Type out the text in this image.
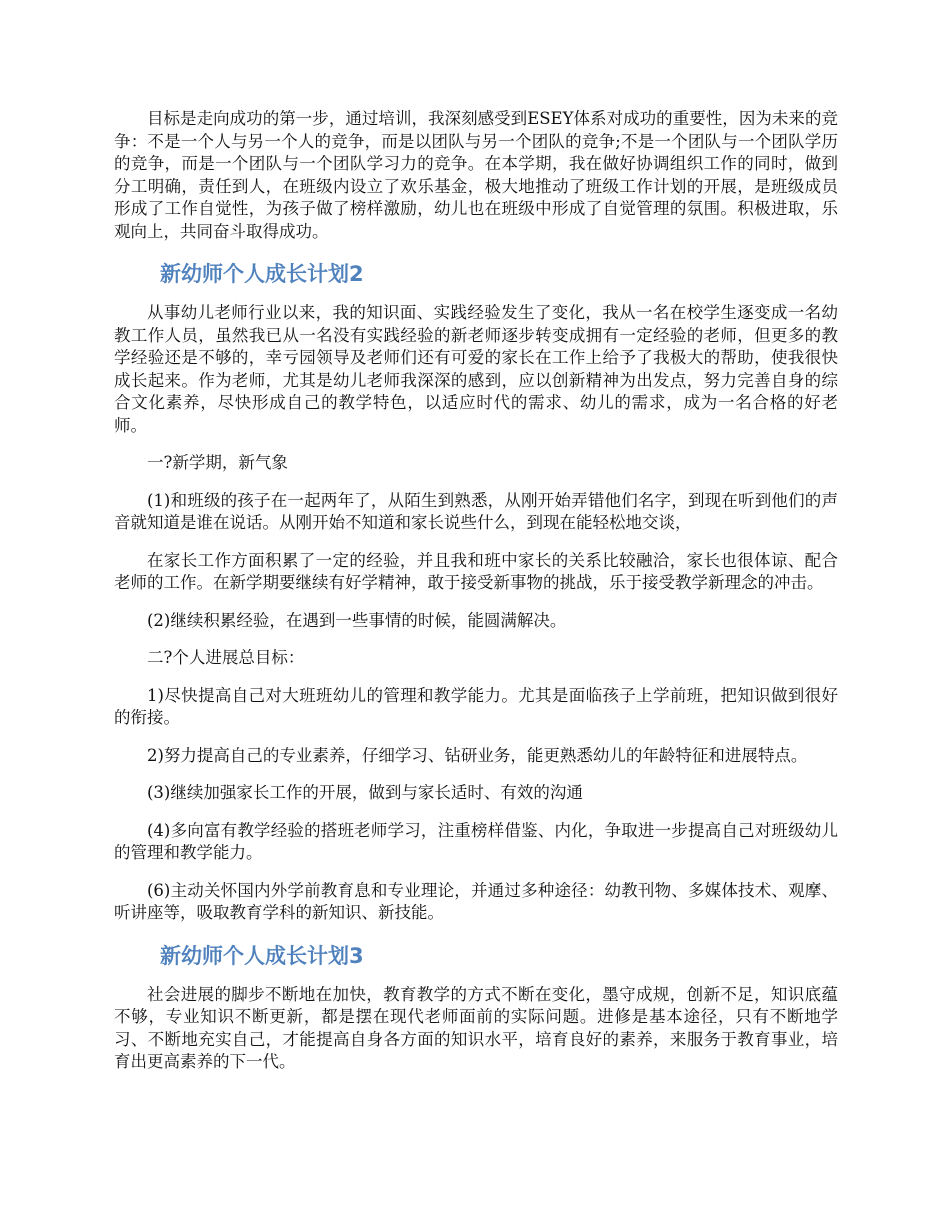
目标是走向成功的第一步，通过培训，我深刻感受到ESEY体系对成功的重要性，因为未来的竞争：不是一个人与另一个人的竞争，而是以团队与另一个团队的竞争;不是一个团队与一个团队学历的竞争，而是一个团队与一个团队学习力的竞争。在本学期，我在做好协调组织工作的同时，做到分工明确，责任到人，在班级内设立了欢乐基金，极大地推动了班级工作计划的开展，是班级成员形成了工作自觉性，为孩子做了榜样激励，幼儿也在班级中形成了自觉管理的氛围。积极进取，乐观向上，共同奋斗取得成功。

新幼师个人成长计划2

从事幼儿老师行业以来，我的知识面、实践经验发生了变化，我从一名在校学生逐变成一名幼教工作人员，虽然我已从一名没有实践经验的新老师逐步转变成拥有一定经验的老师，但更多的教学经验还是不够的，幸亏园领导及老师们还有可爱的家长在工作上给予了我极大的帮助，使我很快成长起来。作为老师，尤其是幼儿老师我深深的感到，应以创新精神为出发点，努力完善自身的综合文化素养，尽快形成自己的教学特色，以适应时代的需求、幼儿的需求，成为一名合格的好老师。

一?新学期，新气象

(1)和班级的孩子在一起两年了，从陌生到熟悉，从刚开始弄错他们名字，到现在听到他们的声音就知道是谁在说话。从刚开始不知道和家长说些什么，到现在能轻松地交谈，

在家长工作方面积累了一定的经验，并且我和班中家长的关系比较融洽，家长也很体谅、配合老师的工作。在新学期要继续有好学精神，敢于接受新事物的挑战，乐于接受教学新理念的冲击。

(2)继续积累经验，在遇到一些事情的时候，能圆满解决。

二?个人进展总目标：

1)尽快提高自己对大班班幼儿的管理和教学能力。尤其是面临孩子上学前班，把知识做到很好的衔接。

2)努力提高自己的专业素养，仔细学习、钻研业务，能更熟悉幼儿的年龄特征和进展特点。

(3)继续加强家长工作的开展，做到与家长适时、有效的沟通

(4)多向富有教学经验的搭班老师学习，注重榜样借鉴、内化，争取进一步提高自己对班级幼儿的管理和教学能力。

(6)主动关怀国内外学前教育息和专业理论，并通过多种途径：幼教刊物、多媒体技术、观摩、听讲座等，吸取教育学科的新知识、新技能。

新幼师个人成长计划3

社会进展的脚步不断地在加快，教育教学的方式不断在变化，墨守成规，创新不足，知识底蕴不够，专业知识不断更新，都是摆在现代老师面前的实际问题。进修是基本途径，只有不断地学习、不断地充实自己，才能提高自身各方面的知识水平，培育良好的素养，来服务于教育事业，培育出更高素养的下一代。
